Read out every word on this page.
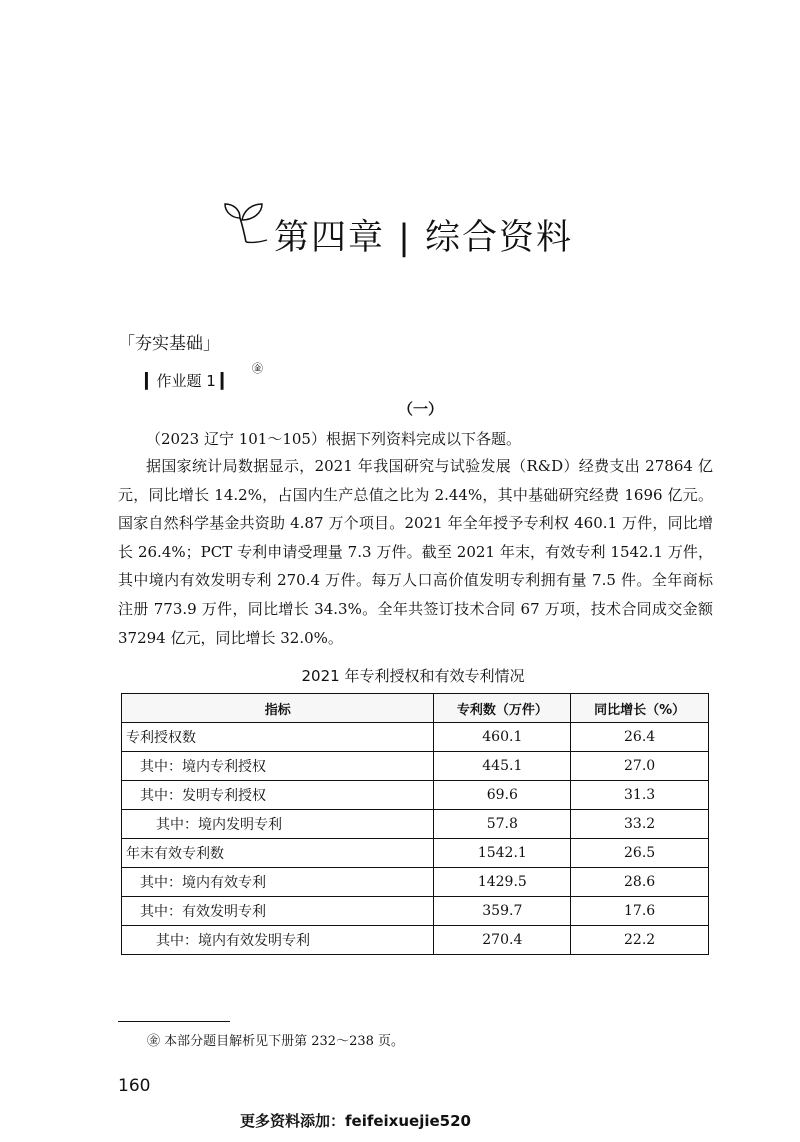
第四章 | 综合资料
「夯实基础」
▎作业题 1 ▎
㊎
（一）
（2023 辽宁 101～105）根据下列资料完成以下各题。
据国家统计局数据显示，2021 年我国研究与试验发展（R&D）经费支出 27864 亿元，同比增长 14.2%，占国内生产总值之比为 2.44%，其中基础研究经费 1696 亿元。国家自然科学基金共资助 4.87 万个项目。2021 年全年授予专利权 460.1 万件，同比增长 26.4%；PCT 专利申请受理量 7.3 万件。截至 2021 年末，有效专利 1542.1 万件，其中境内有效发明专利 270.4 万件。每万人口高价值发明专利拥有量 7.5 件。全年商标注册 773.9 万件，同比增长 34.3%。全年共签订技术合同 67 万项，技术合同成交金额 37294 亿元，同比增长 32.0%。
2021 年专利授权和有效专利情况
指标	专利数（万件）	同比增长（%）
专利授权数	460.1	26.4
其中：境内专利授权	445.1	27.0
其中：发明专利授权	69.6	31.3
其中：境内发明专利	57.8	33.2
年末有效专利数	1542.1	26.5
其中：境内有效专利	1429.5	28.6
其中：有效发明专利	359.7	17.6
其中：境内有效发明专利	270.4	22.2
㊎ 本部分题目解析见下册第 232～238 页。
160
更多资料添加：feifeixuejie520
